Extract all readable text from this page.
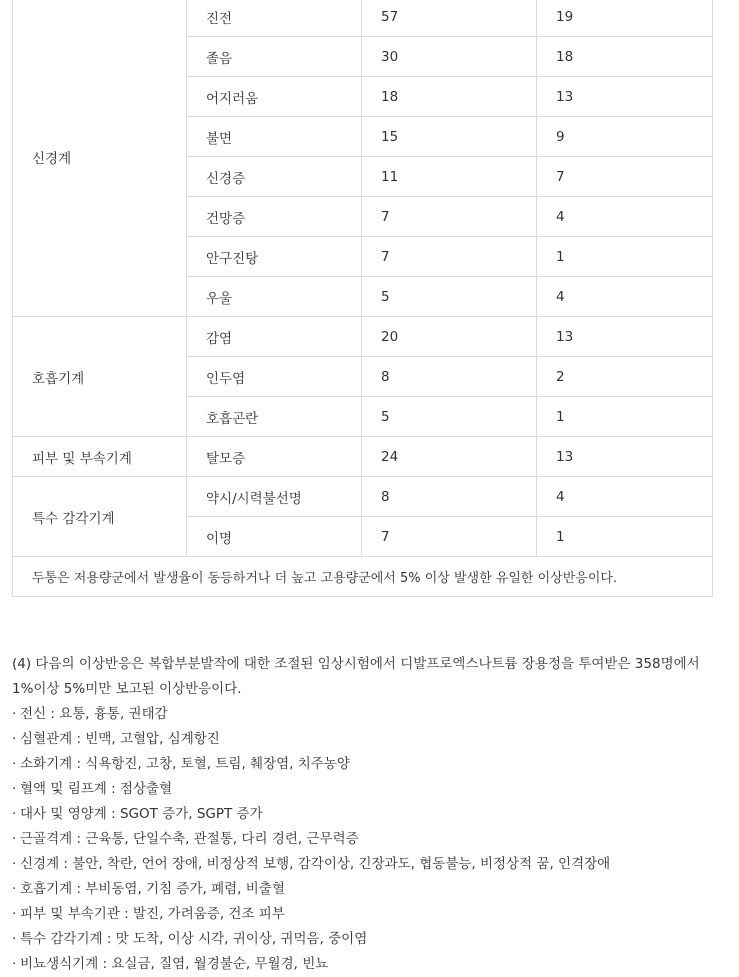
신경계	진전	57	19
	졸음	30	18
	어지러움	18	13
	불면	15	9
	신경증	11	7
	건망증	7	4
	안구진탕	7	1
	우울	5	4
호흡기계	감염	20	13
	인두염	8	2
	호흡곤란	5	1
피부 및 부속기계	탈모증	24	13
특수 감각기계	약시/시력불선명	8	4
	이명	7	1
두통은 저용량군에서 발생율이 동등하거나 더 높고 고용량군에서 5% 이상 발생한 유일한 이상반응이다.			

(4) 다음의 이상반응은 복합부분발작에 대한 조절된 임상시험에서 디발프로엑스나트륨 장용정을 투여받은 358명에서

1%이상 5%미만 보고된 이상반응이다.

· 전신 : 요통, 흉통, 권태감
· 심혈관계 : 빈맥, 고혈압, 심계항진
· 소화기계 : 식욕항진, 고창, 토혈, 트림, 췌장염, 치주농양
· 혈액 및 림프계 : 점상출혈
· 대사 및 영양계 : SGOT 증가, SGPT 증가
· 근골격계 : 근육통, 단일수축, 관절통, 다리 경련, 근무력증
· 신경계 : 불안, 착란, 언어 장애, 비정상적 보행, 감각이상, 긴장과도, 협동불능, 비정상적 꿈, 인격장애
· 호흡기계 : 부비동염, 기침 증가, 폐렴, 비출혈
· 피부 및 부속기관 : 발진, 가려움증, 건조 피부
· 특수 감각기계 : 맛 도착, 이상 시각, 귀이상, 귀먹음, 중이염
· 비뇨생식기계 : 요실금, 질염, 월경불순, 무월경, 빈뇨
